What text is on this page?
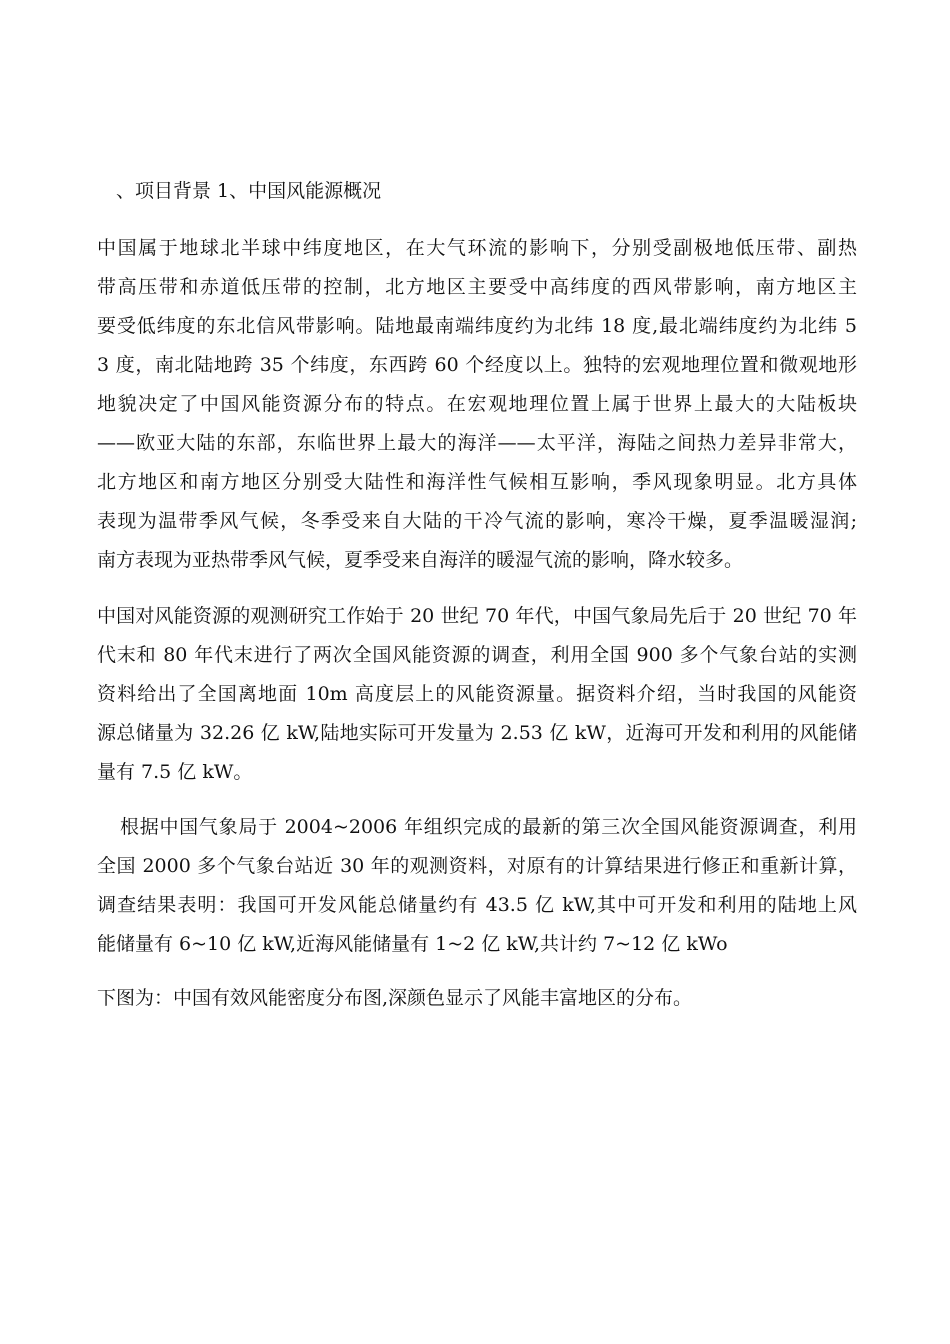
、项目背景 1、中国风能源概况
中国属于地球北半球中纬度地区，在大气环流的影响下，分别受副极地低压带、副热
带高压带和赤道低压带的控制，北方地区主要受中高纬度的西风带影响，南方地区主
要受低纬度的东北信风带影响。陆地最南端纬度约为北纬 18 度,最北端纬度约为北纬 5
3 度，南北陆地跨 35 个纬度，东西跨 60 个经度以上。独特的宏观地理位置和微观地形
地貌决定了中国风能资源分布的特点。在宏观地理位置上属于世界上最大的大陆板块
——欧亚大陆的东部，东临世界上最大的海洋——太平洋，海陆之间热力差异非常大，
北方地区和南方地区分别受大陆性和海洋性气候相互影响，季风现象明显。北方具体
表现为温带季风气候，冬季受来自大陆的干冷气流的影响，寒冷干燥，夏季温暖湿润;
南方表现为亚热带季风气候，夏季受来自海洋的暖湿气流的影响，降水较多。
中国对风能资源的观测研究工作始于 20 世纪 70 年代，中国气象局先后于 20 世纪 70 年
代末和 80 年代末进行了两次全国风能资源的调查，利用全国 900 多个气象台站的实测
资料给出了全国离地面 10m 高度层上的风能资源量。据资料介绍，当时我国的风能资
源总储量为 32.26 亿 kW,陆地实际可开发量为 2.53 亿 kW，近海可开发和利用的风能储
量有 7.5 亿 kW。
根据中国气象局于 2004~2006 年组织完成的最新的第三次全国风能资源调查，利用
全国 2000 多个气象台站近 30 年的观测资料，对原有的计算结果进行修正和重新计算，
调查结果表明：我国可开发风能总储量约有 43.5 亿 kW,其中可开发和利用的陆地上风
能储量有 6~10 亿 kW,近海风能储量有 1~2 亿 kW,共计约 7~12 亿 kWo
下图为：中国有效风能密度分布图,深颜色显示了风能丰富地区的分布。
